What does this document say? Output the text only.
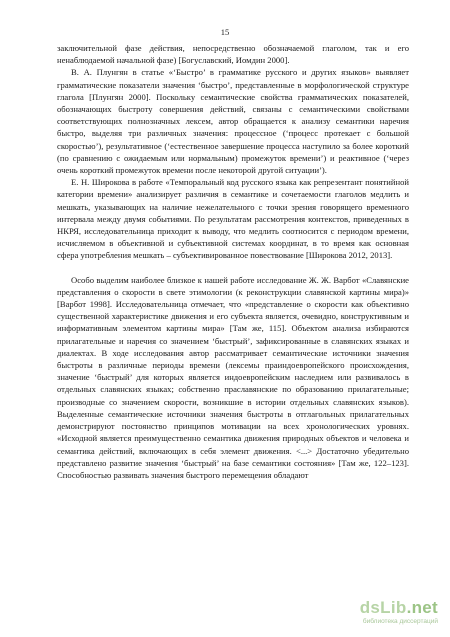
15

заключительной фазе действия, непосредственно обозначаемой глаголом, так и его ненаблюдаемой начальной фазе) [Богуславский, Иомдин 2000].

В. А. Плунгян в статье «‘Быстро’ в грамматике русского и других языков» выявляет грамматические показатели значения ‘быстро’, представленные в морфологической структуре глагола [Плунгян 2000]. Поскольку семантические свойства грамматических показателей, обозначающих быстроту совершения действий, связаны с семантическими свойствами соответствующих полнозначных лексем, автор обращается к анализу семантики наречия быстро, выделяя три различных значения: процессное (‘процесс протекает с большой скоростью’), результативное (‘естественное завершение процесса наступило за более короткий (по сравнению с ожидаемым или нормальным) промежуток времени’) и реактивное (‘через очень короткий промежуток времени после некоторой другой ситуации’).

Е. Н. Широкова в работе «Темпоральный код русского языка как репрезентант понятийной категории времени» анализирует различия в семантике и сочетаемости глаголов медлить и мешкать, указывающих на наличие нежелательного с точки зрения говорящего временного интервала между двумя событиями. По результатам рассмотрения контекстов, приведенных в НКРЯ, исследовательница приходит к выводу, что медлить соотносится с периодом времени, исчисляемом в объективной и субъективной системах координат, в то время как основная сфера употребления мешкать – субъективированное повествование [Широкова 2012, 2013].

Особо выделим наиболее близкое к нашей работе исследование Ж. Ж. Варбот «Славянские представления о скорости в свете этимологии (к реконструкции славянской картины мира)» [Варбот 1998]. Исследовательница отмечает, что «представление о скорости как объективно существенной характеристике движения и его субъекта является, очевидно, конструктивным и информативным элементом картины мира» [Там же, 115]. Объектом анализа избираются прилагательные и наречия со значением ‘быстрый’, зафиксированные в славянских языках и диалектах. В ходе исследования автор рассматривает семантические источники значения быстроты в различные периоды времени (лексемы праиндоевропейского происхождения, значение ‘быстрый’ для которых является индоевропейским наследием или развивалось в отдельных славянских языках; собственно праславянские по образованию прилагательные; производные со значением скорости, возникшие в истории отдельных славянских языков). Выделенные семантические источники значения быстроты в отглагольных прилагательных демонстрируют постоянство принципов мотивации на всех хронологических уровнях. «Исходной является преимущественно семантика движения природных объектов и человека и семантика действий, включающих в себя элемент движения. <...> Достаточно убедительно представлено развитие значения ‘быстрый’ на базе семантики состояния» [Там же, 122–123]. Способностью развивать значения быстрого перемещения обладают

dsLib.net
библиотека диссертаций
